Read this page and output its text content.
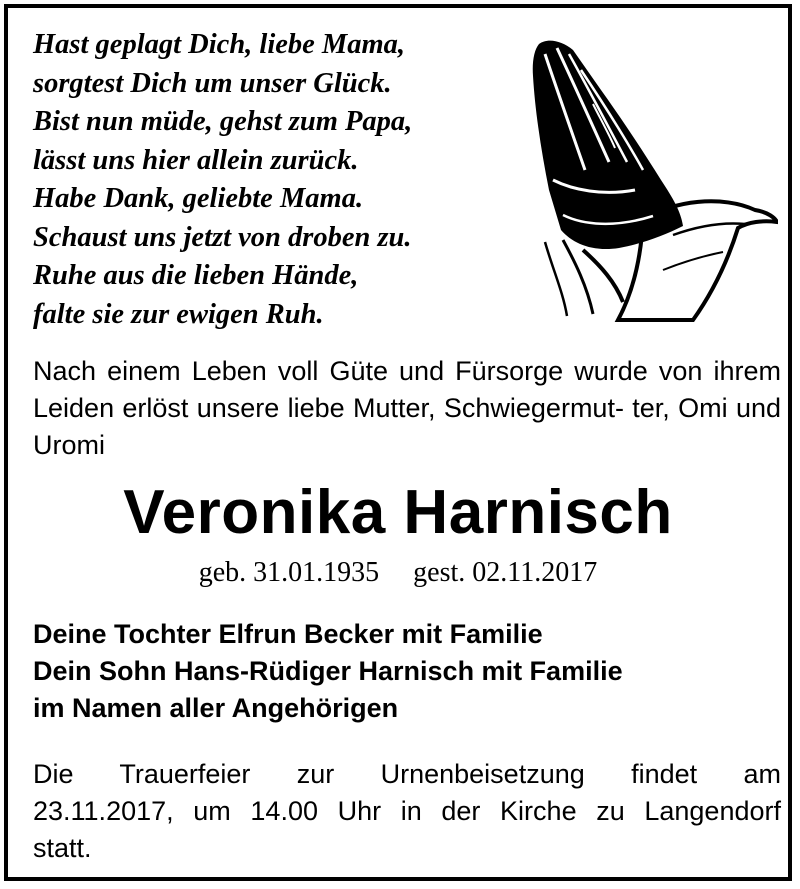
Hast geplagt Dich, liebe Mama,
sorgtest Dich um unser Glück.
Bist nun müde, gehst zum Papa,
lässt uns hier allein zurück.
Habe Dank, geliebte Mama.
Schaust uns jetzt von droben zu.
Ruhe aus die lieben Hände,
falte sie zur ewigen Ruh.
Nach einem Leben voll Güte und Fürsorge wurde von ihrem Leiden erlöst unsere liebe Mutter, Schwiegermut- ter, Omi und Uromi
Veronika Harnisch
geb. 31.01.1935 gest. 02.11.2017
Deine Tochter Elfrun Becker mit Familie
Dein Sohn Hans-Rüdiger Harnisch mit Familie
im Namen aller Angehörigen
Die Trauerfeier zur Urnenbeisetzung findet am
23.11.2017, um 14.00 Uhr in der Kirche zu Langendorf
statt.
